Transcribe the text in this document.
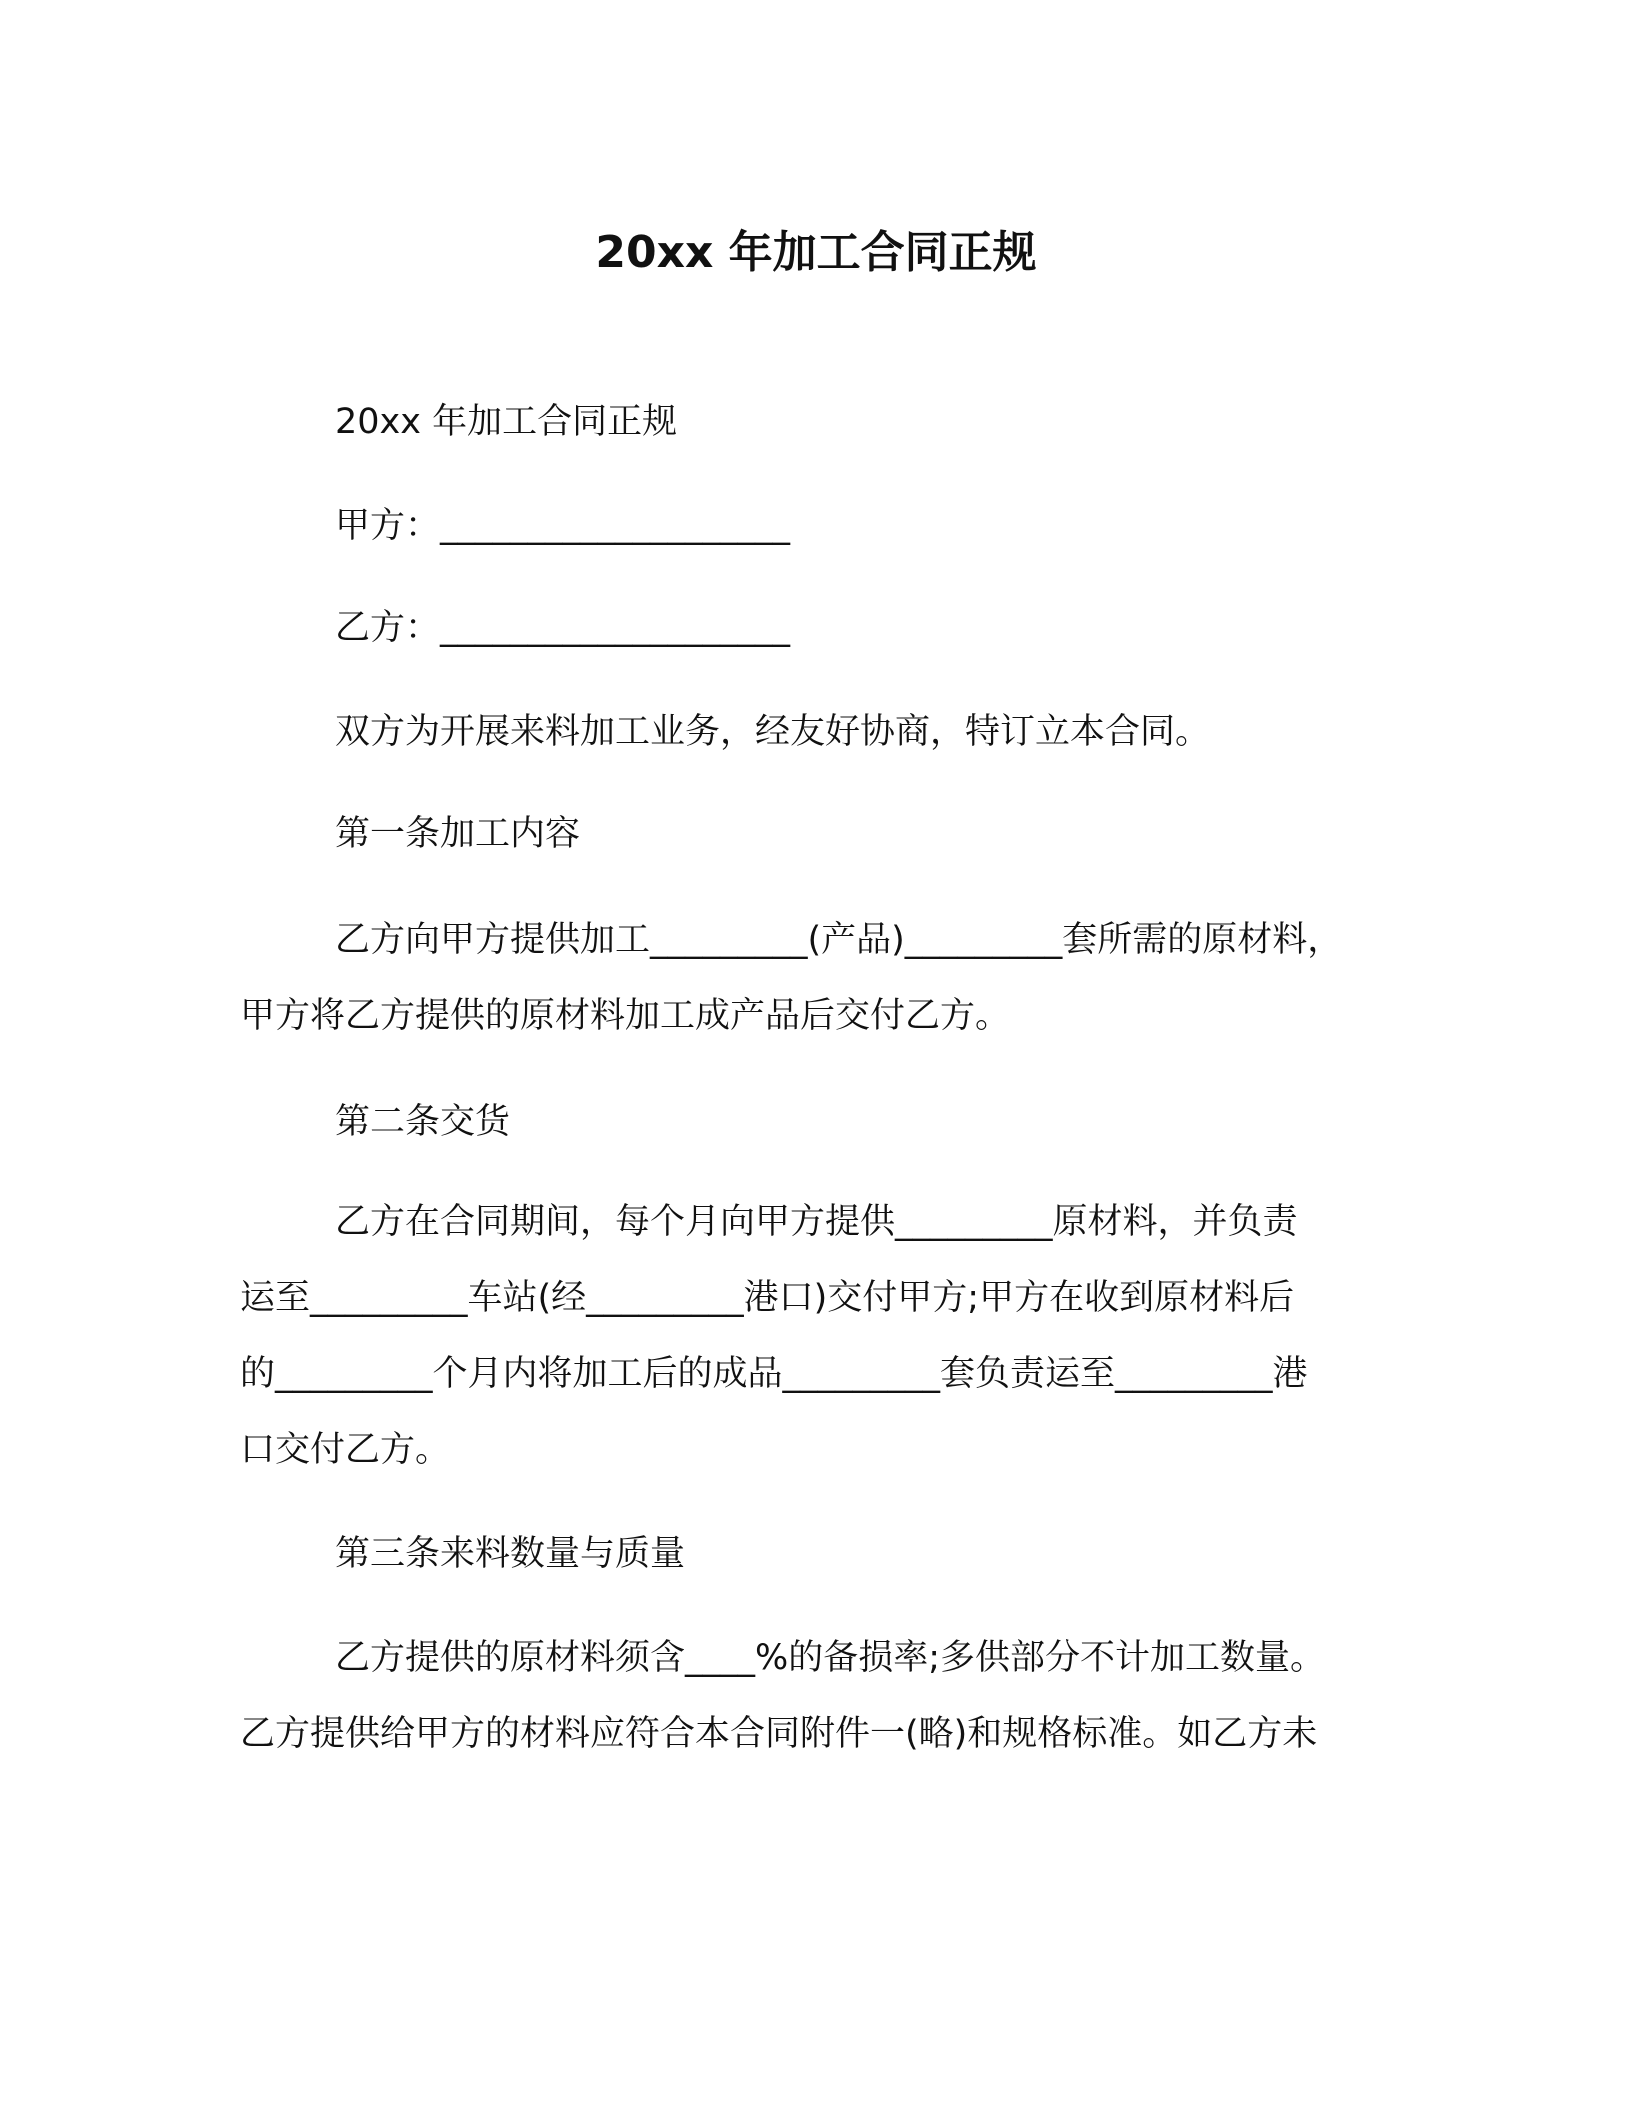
20xx 年加工合同正规
20xx 年加工合同正规
甲方：____________________
乙方：____________________
双方为开展来料加工业务，经友好协商，特订立本合同。
第一条加工内容
乙方向甲方提供加工_________(产品)_________套所需的原材料，
甲方将乙方提供的原材料加工成产品后交付乙方。
第二条交货
乙方在合同期间，每个月向甲方提供_________原材料，并负责
运至_________车站(经_________港口)交付甲方;甲方在收到原材料后
的_________个月内将加工后的成品_________套负责运至_________港
口交付乙方。
第三条来料数量与质量
乙方提供的原材料须含____%的备损率;多供部分不计加工数量。
乙方提供给甲方的材料应符合本合同附件一(略)和规格标准。如乙方未
